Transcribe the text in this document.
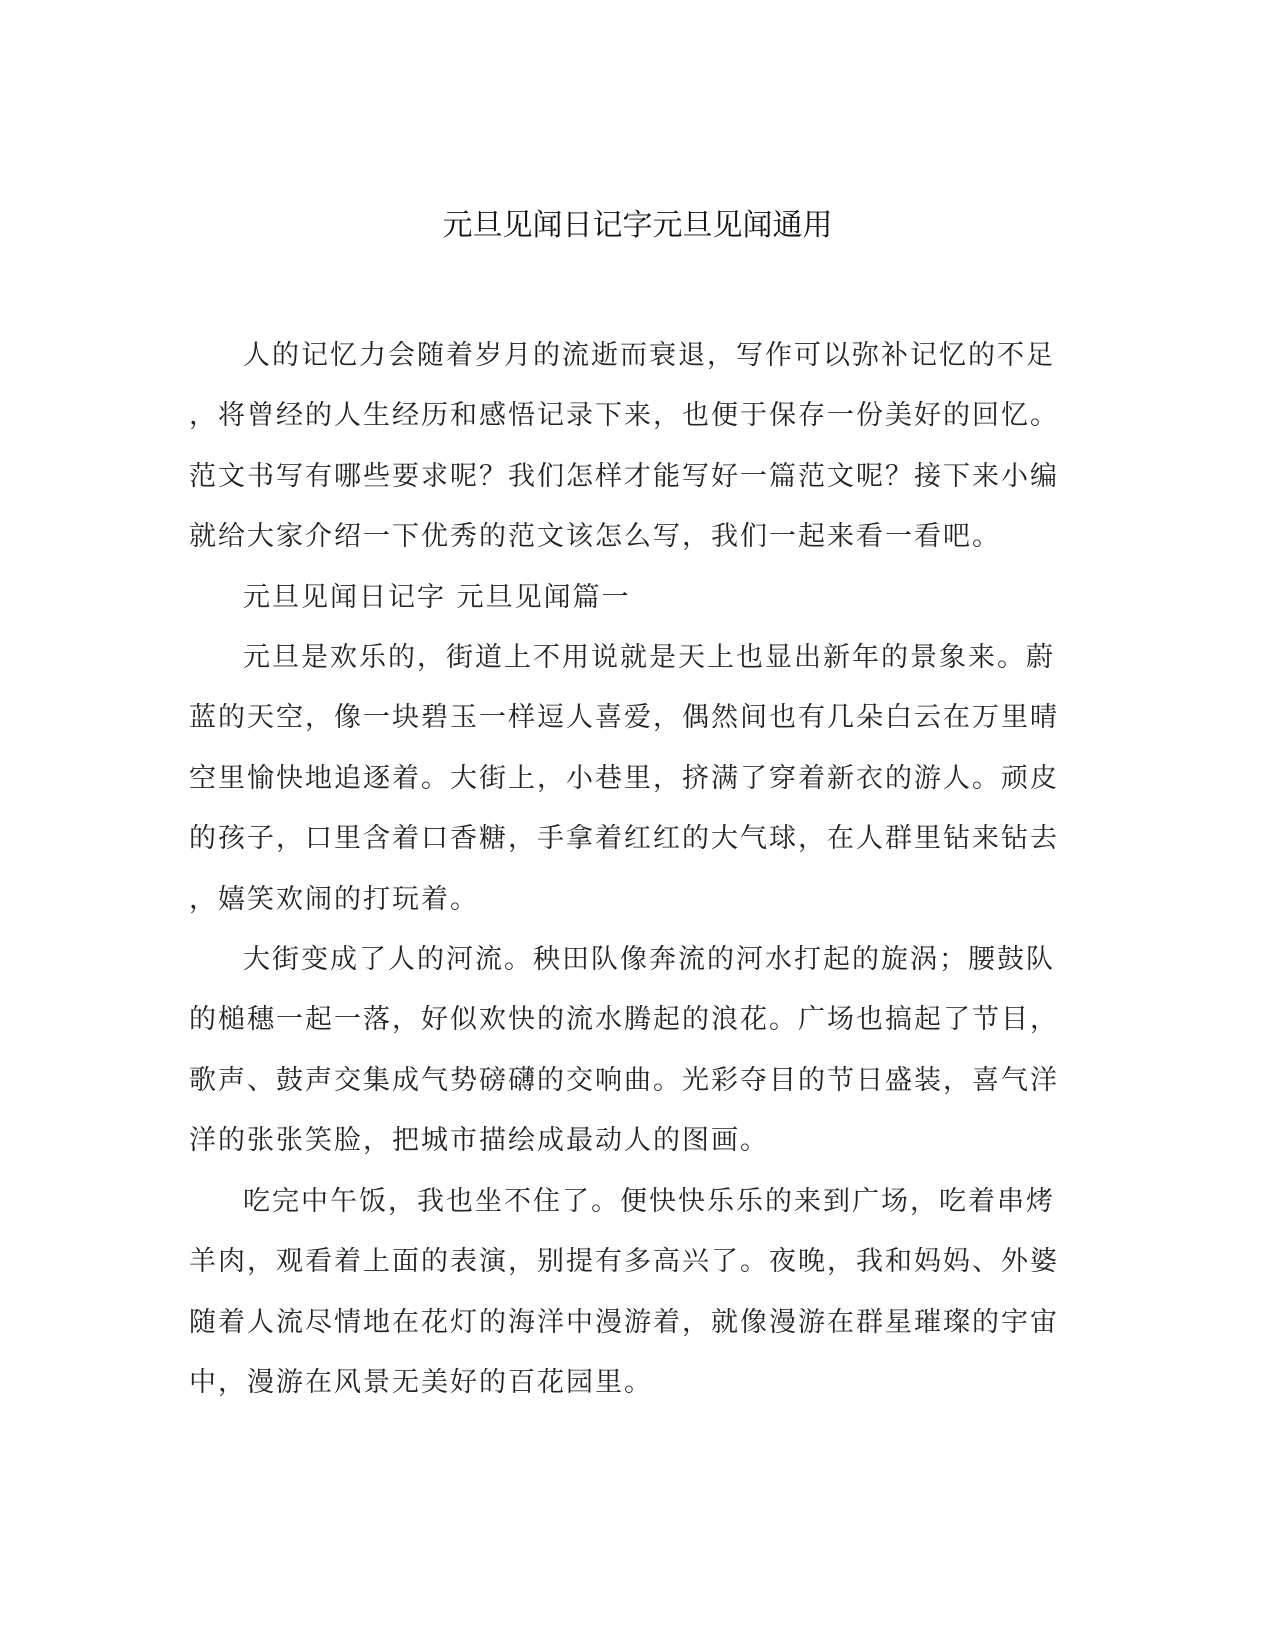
元旦见闻日记字元旦见闻通用

人的记忆力会随着岁月的流逝而衰退，写作可以弥补记忆的不足
，将曾经的人生经历和感悟记录下来，也便于保存一份美好的回忆。
范文书写有哪些要求呢？我们怎样才能写好一篇范文呢？接下来小编
就给大家介绍一下优秀的范文该怎么写，我们一起来看一看吧。

元旦见闻日记字 元旦见闻篇一

元旦是欢乐的，街道上不用说就是天上也显出新年的景象来。蔚
蓝的天空，像一块碧玉一样逗人喜爱，偶然间也有几朵白云在万里晴
空里愉快地追逐着。大街上，小巷里，挤满了穿着新衣的游人。顽皮
的孩子，口里含着口香糖，手拿着红红的大气球，在人群里钻来钻去
，嬉笑欢闹的打玩着。

大街变成了人的河流。秧田队像奔流的河水打起的旋涡；腰鼓队
的槌穗一起一落，好似欢快的流水腾起的浪花。广场也搞起了节目，
歌声、鼓声交集成气势磅礴的交响曲。光彩夺目的节日盛装，喜气洋
洋的张张笑脸，把城市描绘成最动人的图画。

吃完中午饭，我也坐不住了。便快快乐乐的来到广场，吃着串烤
羊肉，观看着上面的表演，别提有多高兴了。夜晚，我和妈妈、外婆
随着人流尽情地在花灯的海洋中漫游着，就像漫游在群星璀璨的宇宙
中，漫游在风景无美好的百花园里。
